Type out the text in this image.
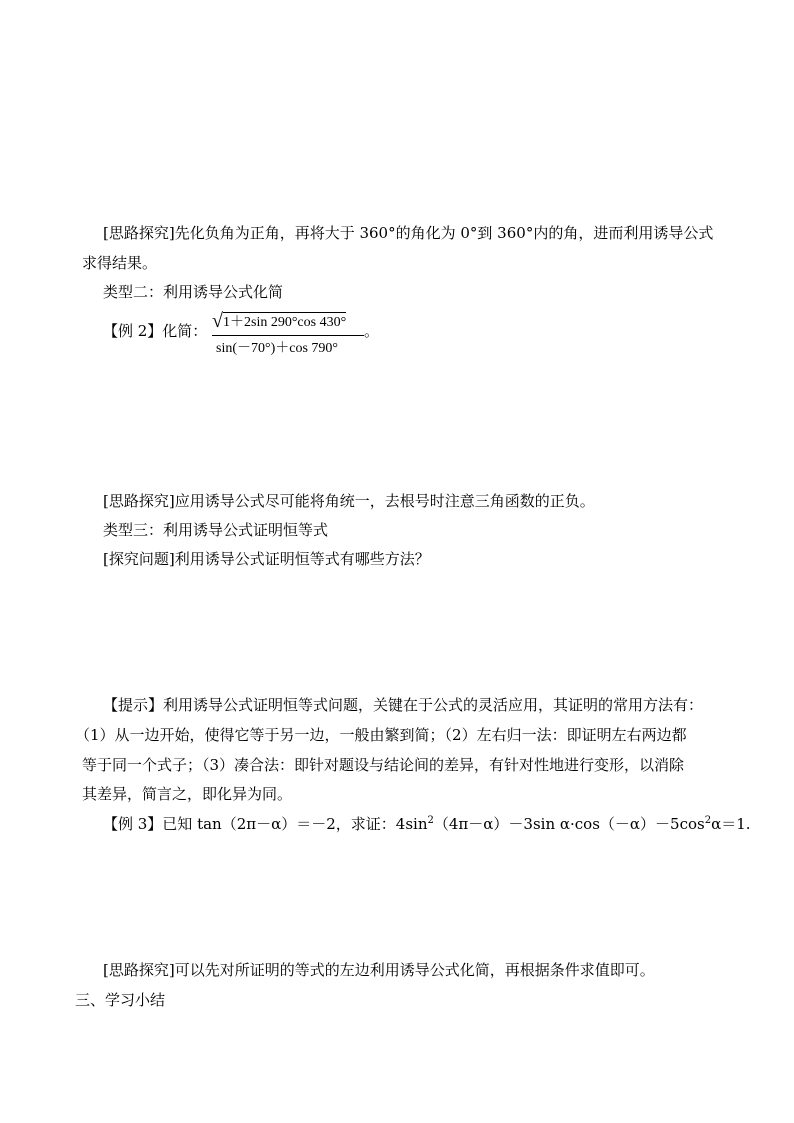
[思路探究]先化负角为正角，再将大于 360°的角化为 0°到 360°内的角，进而利用诱导公式
求得结果。
类型二：利用诱导公式化简
【例 2】化简： √ 1＋2sin 290°cos 430°
sin(－70°)＋cos 790°
。
[思路探究]应用诱导公式尽可能将角统一，去根号时注意三角函数的正负。
类型三：利用诱导公式证明恒等式
[探究问题]利用诱导公式证明恒等式有哪些方法？
【提示】利用诱导公式证明恒等式问题，关键在于公式的灵活应用，其证明的常用方法有：
（1）从一边开始，使得它等于另一边，一般由繁到简；（2）左右归一法：即证明左右两边都
等于同一个式子；（3）凑合法：即针对题设与结论间的差异，有针对性地进行变形，以消除
其差异，简言之，即化异为同。
【例 3】已知 tan（2π－α）＝－2，求证：$4\sin^2(4\pi-\alpha)-3\sin$ $\alpha\cdot\cos(-\alpha)-5\cos^2\alpha=1$.
[思路探究]可以先对所证明的等式的左边利用诱导公式化简，再根据条件求值即可。
三、学习小结
